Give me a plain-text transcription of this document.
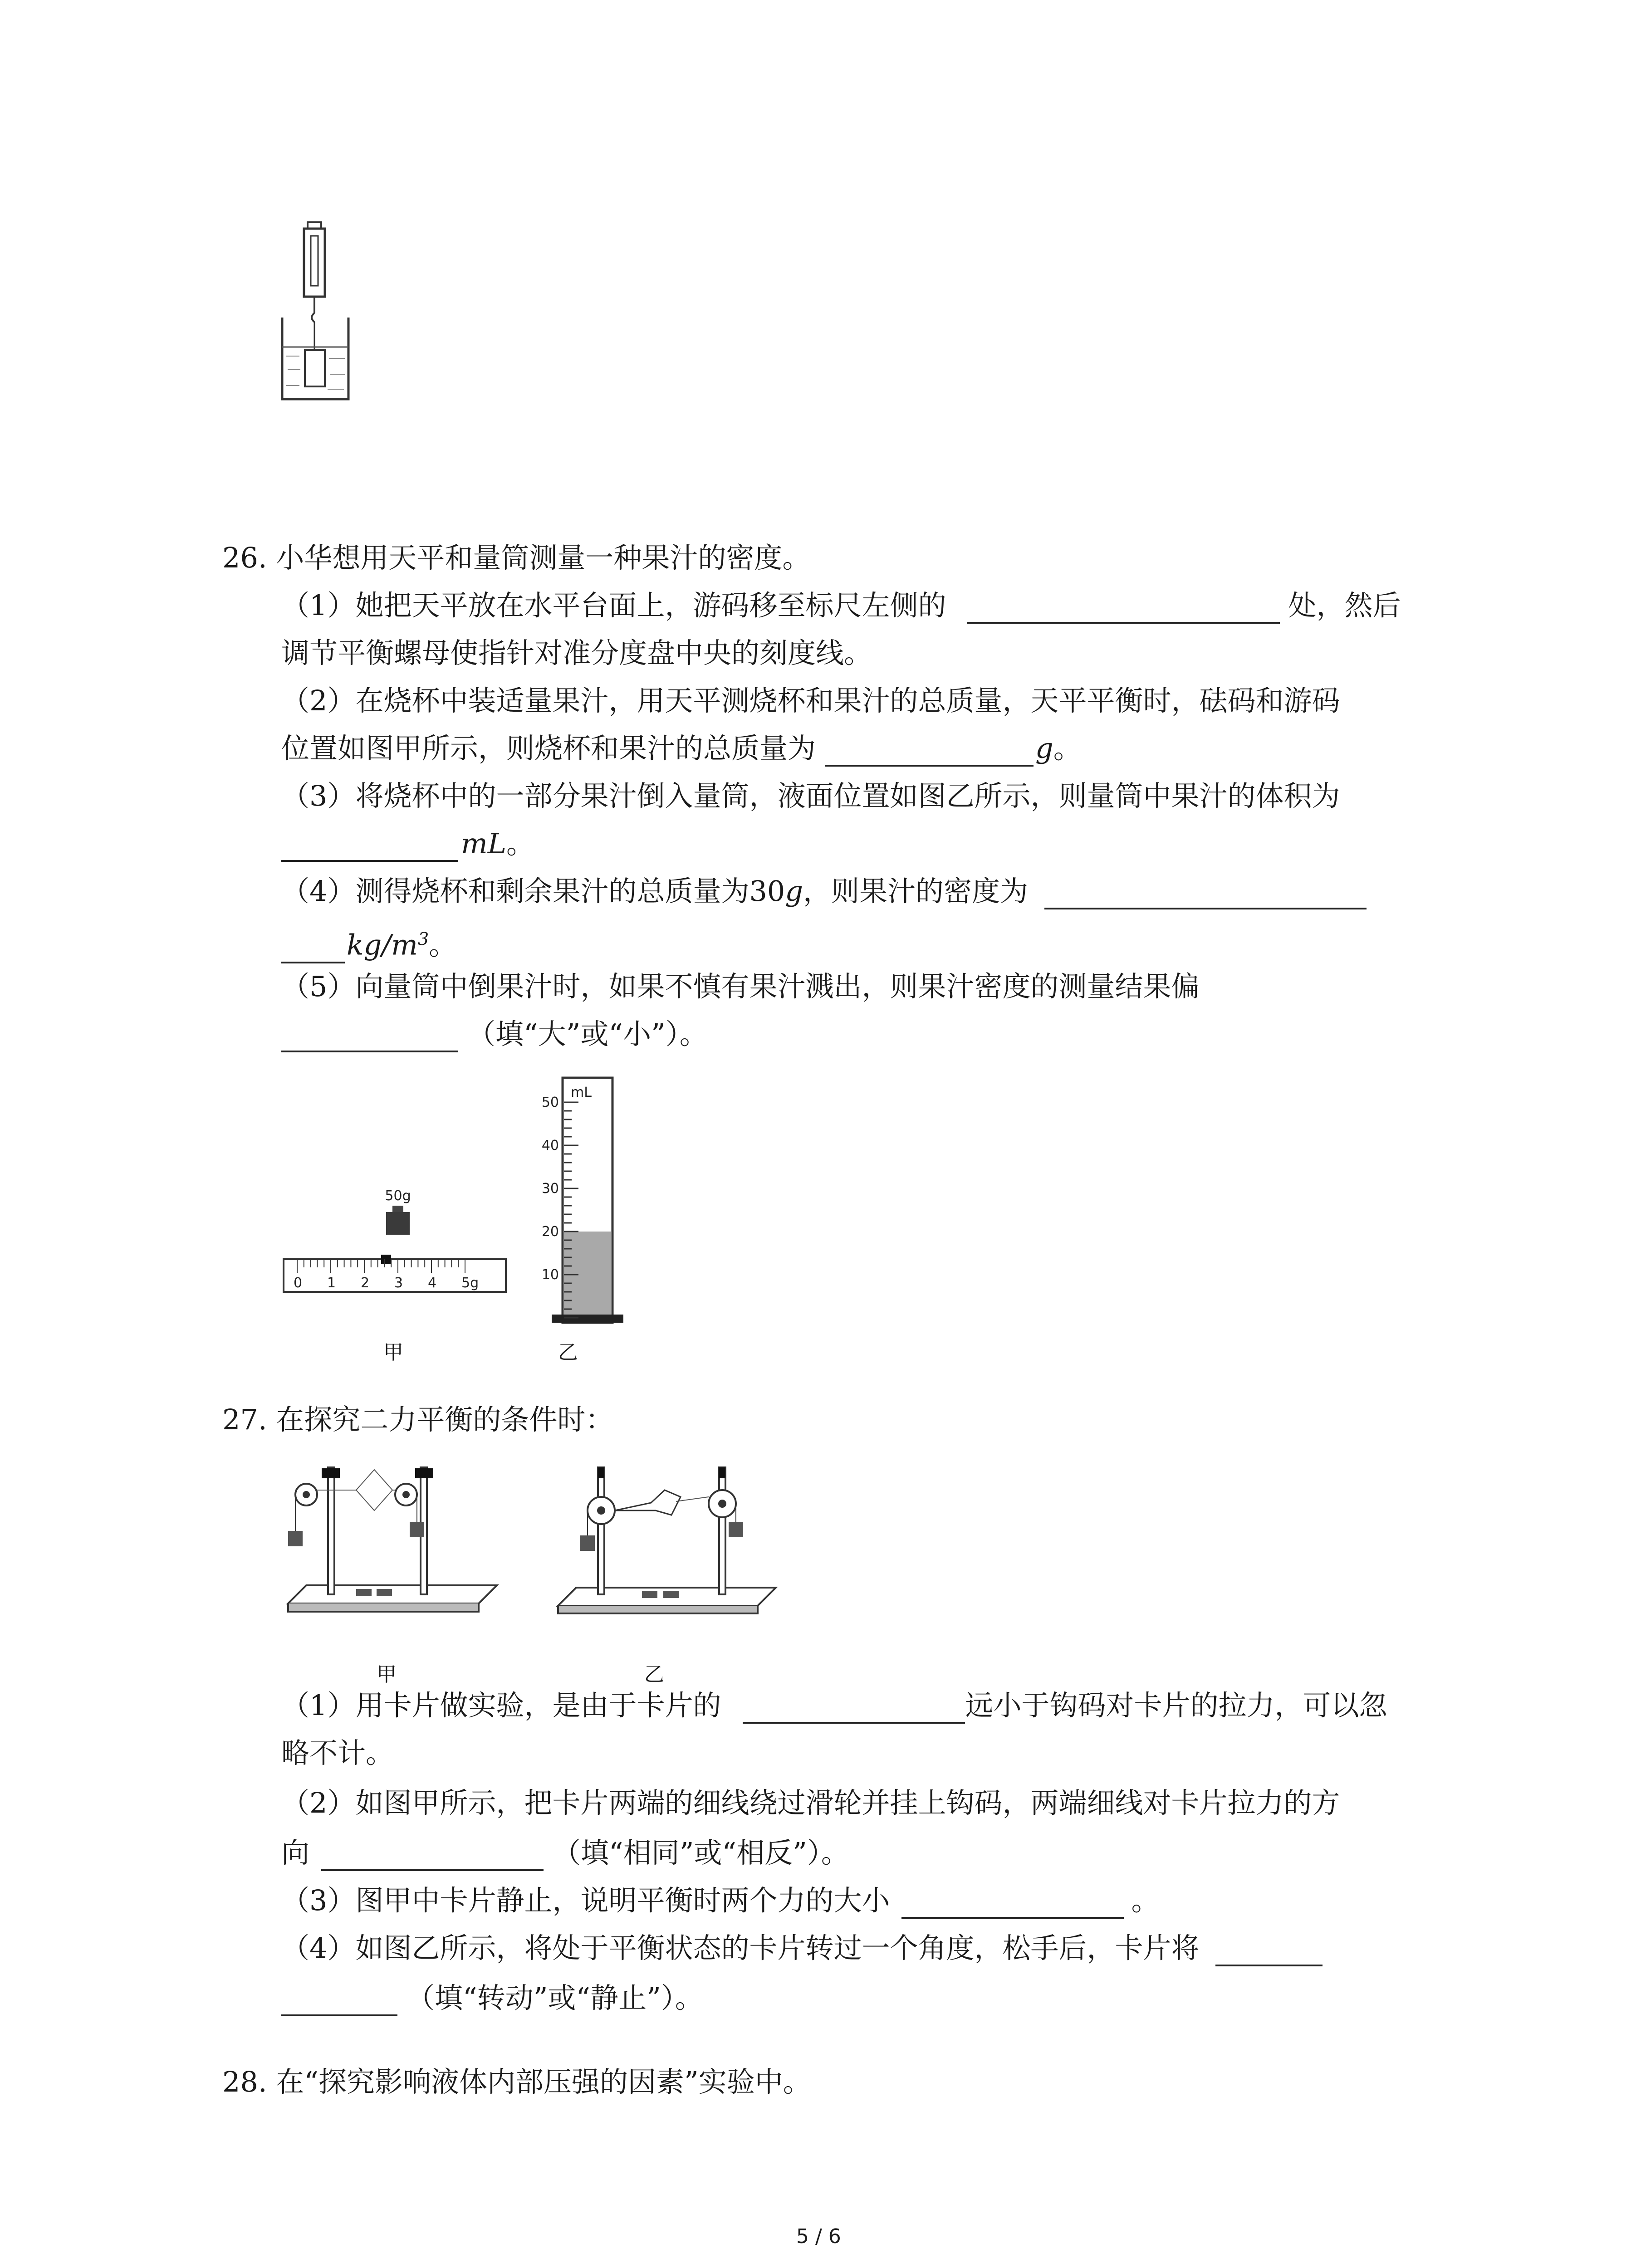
26. 小华想用天平和量筒测量一种果汁的密度。
（1）她把天平放在水平台面上，游码移至标尺左侧的	处，然后
调节平衡螺母使指针对准分度盘中央的刻度线。
（2）在烧杯中装适量果汁，用天平测烧杯和果汁的总质量，天平平衡时，砝码和游码
位置如图甲所示，则烧杯和果汁的总质量为	g。
（3）将烧杯中的一部分果汁倒入量筒，液面位置如图乙所示，则量筒中果汁的体积为
mL。
（4）测得烧杯和剩余果汁的总质量为30g，则果汁的密度为
$kg/m^3$。
（5）向量筒中倒果汁时，如果不慎有果汁溅出，则果汁密度的测量结果偏
（填“大”或“小”）。
50g
0 1 2 3 4 5g
甲
mL
50
40
30
20
10
乙
27. 在探究二力平衡的条件时：
甲	乙
（1）用卡片做实验，是由于卡片的	远小于钩码对卡片的拉力，可以忽
略不计。
（2）如图甲所示，把卡片两端的细线绕过滑轮并挂上钩码，两端细线对卡片拉力的方
向	（填“相同”或“相反”）。
（3）图甲中卡片静止，说明平衡时两个力的大小	。
（4）如图乙所示，将处于平衡状态的卡片转过一个角度，松手后，卡片将
（填“转动”或“静止”）。
28. 在“探究影响液体内部压强的因素”实验中。
5 / 6
